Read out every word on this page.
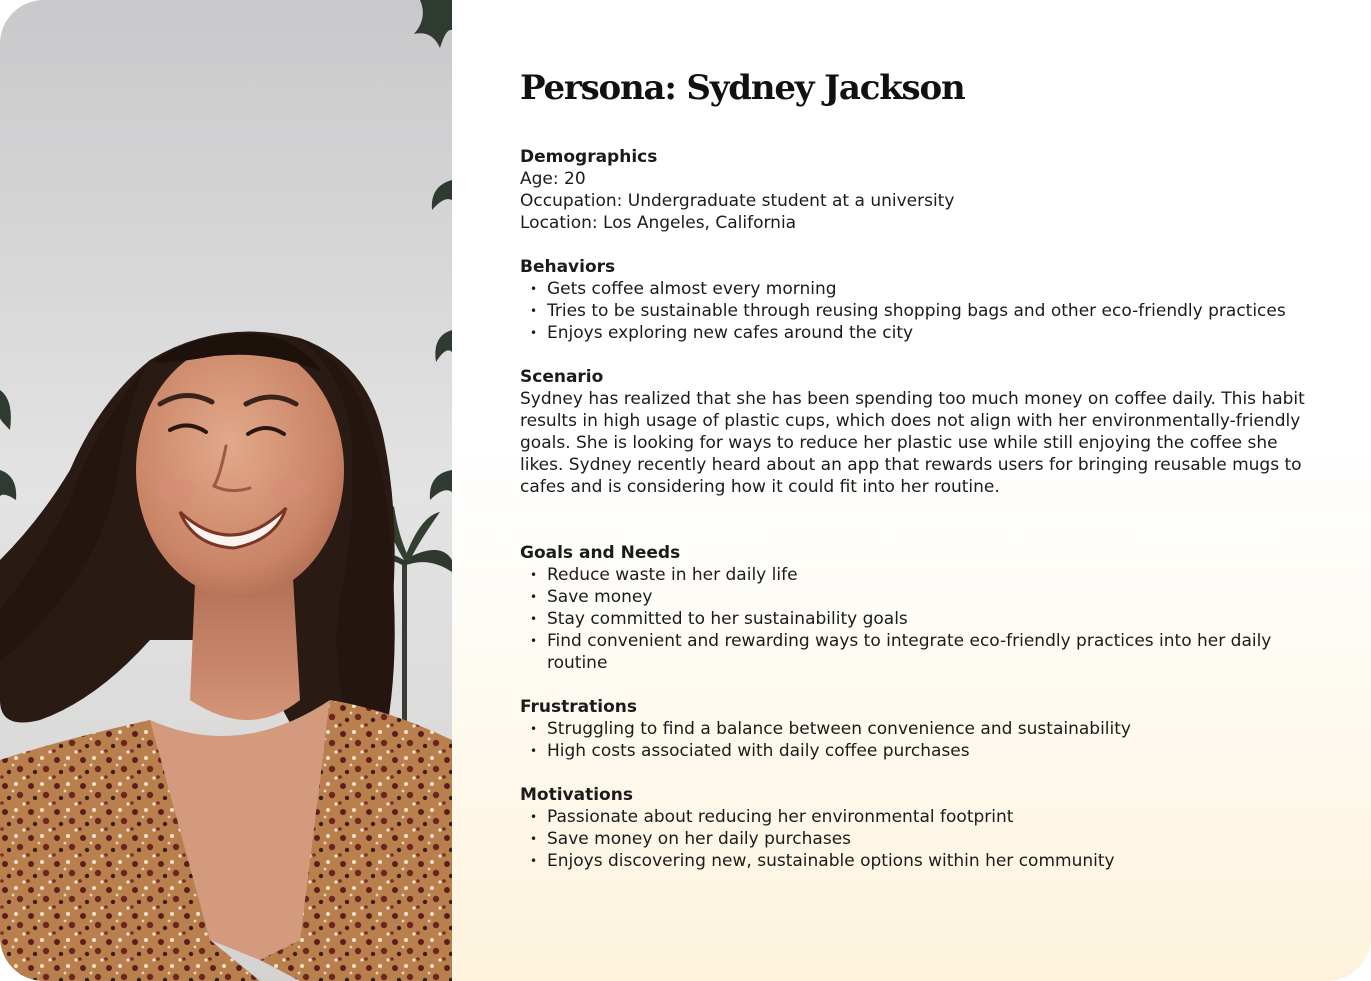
Persona: Sydney Jackson

Demographics

Age: 20

Occupation: Undergraduate student at a university

Location: Los Angeles, California

Behaviors

• Gets coffee almost every morning
• Tries to be sustainable through reusing shopping bags and other eco-friendly practices
• Enjoys exploring new cafes around the city

Scenario

Sydney has realized that she has been spending too much money on coffee daily. This habit results in high usage of plastic cups, which does not align with her environmentally-friendly goals. She is looking for ways to reduce her plastic use while still enjoying the coffee she likes. Sydney recently heard about an app that rewards users for bringing reusable mugs to cafes and is considering how it could fit into her routine.

Goals and Needs

• Reduce waste in her daily life
• Save money
• Stay committed to her sustainability goals
• Find convenient and rewarding ways to integrate eco-friendly practices into her daily routine

Frustrations

• Struggling to find a balance between convenience and sustainability
• High costs associated with daily coffee purchases

Motivations

• Passionate about reducing her environmental footprint
• Save money on her daily purchases
• Enjoys discovering new, sustainable options within her community
